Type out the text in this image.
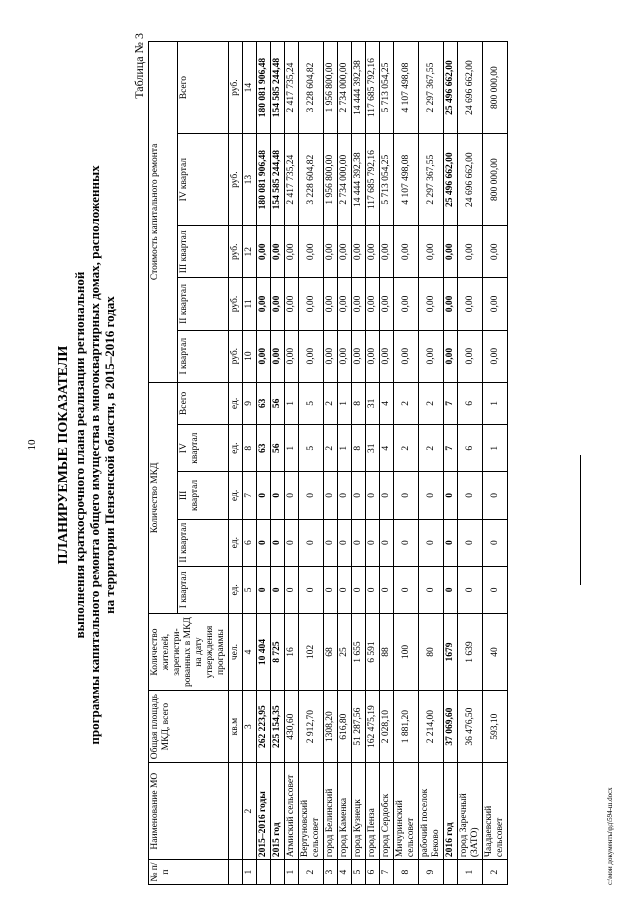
10 ПЛАНИРУЕМЫЕ ПОКАЗАТЕЛИ выполнения краткосрочного плана реализации региональной программы капитального ремонта общего имущества в многоквартирных домах, расположенных на территории Пензенской области, в 2015–2016 годах
Таблица № 3
№ п/п	Наименование МО	Общая площадь МКД, всего	Количество жителей, зарегистри-рованных в МКД на дату утверждения программы	Количество МКД					Стоимость капитального ремонта				
				I квартал	II квартал	III квартал	IV квартал	Всего	I квартал	II квартал	III квартал	IV квартал	Всего
		кв.м	чел.	ед.	ед.	ед.	ед.	ед.	руб.	руб.	руб.	руб.	руб.
1	2	3	4	5	6	7	8	9	10	11	12	13	14
	2015–2016 годы	262 223,95	10 404	0	0	0	63	63	0,00	0,00	0,00	180 081 906,48	180 081 906,48
	2015 год	225 154,35	8 725	0	0	0	56	56	0,00	0,00	0,00	154 585 244,48	154 585 244,48
1	Атмиский сельсовет	430,60	16	0	0	0	1	1	0,00	0,00	0,00	2 417 735,24	2 417 735,24
2	Вертуновский сельсовет	2 912,70	102	0	0	0	5	5	0,00	0,00	0,00	3 228 604,82	3 228 604,82
3	город Белинский	1308,20	68	0	0	0	2	2	0,00	0,00	0,00	1 956 800,00	1 956 800,00
4	город Каменка	616,80	25	0	0	0	1	1	0,00	0,00	0,00	2 734 000,00	2 734 000,00
5	город Кузнецк	51 287,56	1 655	0	0	0	8	8	0,00	0,00	0,00	14 444 392,38	14 444 392,38
6	город Пенза	162 475,19	6 591	0	0	0	31	31	0,00	0,00	0,00	117 685 792,16	117 685 792,16
7	город Сердобск	2 028,10	88	0	0	0	4	4	0,00	0,00	0,00	5 713 054,25	5 713 054,25
8	Мичуринский сельсовет	1 881,20	100	0	0	0	2	2	0,00	0,00	0,00	4 107 498,08	4 107 498,08
9	рабочий поселок Беково	2 214,00	80	0	0	0	2	2	0,00	0,00	0,00	2 297 367,55	2 297 367,55
	2016 год	37 069,60	1679	0	0	0	7	7	0,00	0,00	0,00	25 496 662,00	25 496 662,00
1	город Заречный (ЗАТО)	36 476,50	1 639	0	0	0	6	6	0,00	0,00	0,00	24 696 662,00	24 696 662,00
2	Чаадаевский сельсовет	593,10	40	0	0	0	1	1	0,00	0,00	0,00	800 000,00	800 000,00
c:\мои документы\рд\594-ш.docx
